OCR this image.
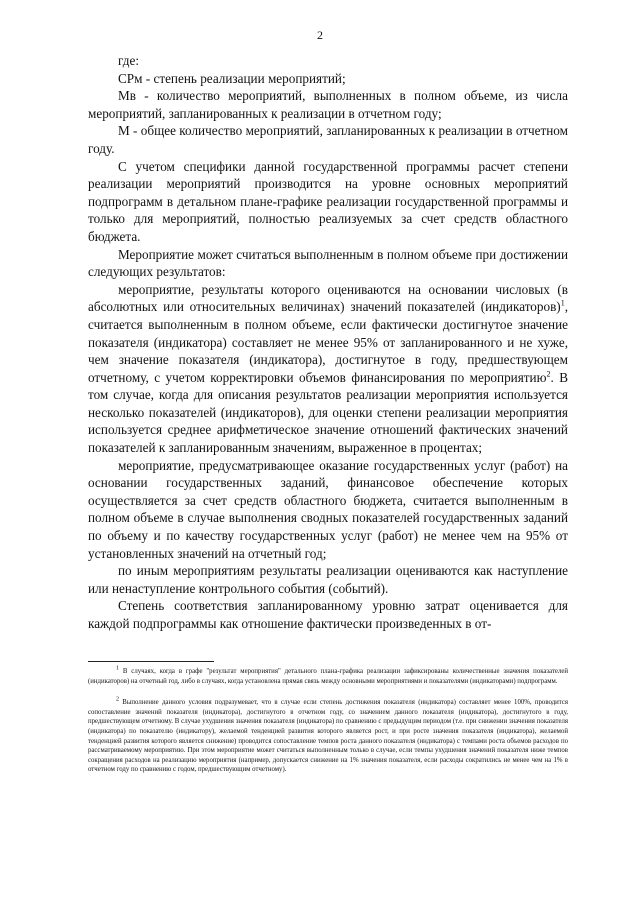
2

где:

СРм - степень реализации мероприятий;

Мв - количество мероприятий, выполненных в полном объеме, из числа мероприятий, запланированных к реализации в отчетном году;

М - общее количество мероприятий, запланированных к реализации в отчетном году.

С учетом специфики данной государственной программы расчет степени реализации мероприятий производится на уровне основных мероприятий подпрограмм в детальном плане-графике реализации государственной программы и только для мероприятий, полностью реализуемых за счет средств областного бюджета.

Мероприятие может считаться выполненным в полном объеме при достижении следующих результатов:

мероприятие, результаты которого оцениваются на основании числовых (в абсолютных или относительных величинах) значений показателей (индикаторов)$^1$, считается выполненным в полном объеме, если фактически достигнутое значение показателя (индикатора) составляет не менее 95% от запланированного и не хуже, чем значение показателя (индикатора), достигнутое в году, предшествующем отчетному, с учетом корректировки объемов финансирования по мероприятию$^2$. В том случае, когда для описания результатов реализации мероприятия используется несколько показателей (индикаторов), для оценки степени реализации мероприятия используется среднее арифметическое значение отношений фактических значений показателей к запланированным значениям, выраженное в процентах;

мероприятие, предусматривающее оказание государственных услуг (работ) на основании государственных заданий, финансовое обеспечение которых осуществляется за счет средств областного бюджета, считается выполненным в полном объеме в случае выполнения сводных показателей государственных заданий по объему и по качеству государственных услуг (работ) не менее чем на 95% от установленных значений на отчетный год;

по иным мероприятиям результаты реализации оцениваются как наступление или ненаступление контрольного события (событий).

Степень соответствия запланированному уровню затрат оценивается для каждой подпрограммы как отношение фактически произведенных в от-

$^1$ В случаях, когда в графе "результат мероприятия" детального плана-графика реализации зафиксированы количественные значения показателей (индикаторов) на отчетный год, либо в случаях, когда установлена прямая связь между основными мероприятиями и показателями (индикаторами) подпрограмм.

$^2$ Выполнение данного условия подразумевает, что в случае если степень достижения показателя (индикатора) составляет менее 100%, проводится сопоставление значений показателя (индикатора), достигнутого в отчетном году, со значением данного показателя (индикатора), достигнутого в году, предшествующем отчетному. В случае ухудшения значения показателя (индикатора) по сравнению с предыдущим периодом (т.е. при снижении значения показателя (индикатора) по показателю (индикатору), желаемой тенденцией развития которого является рост, и при росте значения показателя (индикатора), желаемой тенденцией развития которого является снижение) проводится сопоставление темпов роста данного показателя (индикатора) с темпами роста объемов расходов по рассматриваемому мероприятию. При этом мероприятие может считаться выполненным только в случае, если темпы ухудшения значений показателя ниже темпов сокращения расходов на реализацию мероприятия (например, допускается снижение на 1% значения показателя, если расходы сократились не менее чем на 1% в отчетном году по сравнению с годом, предшествующим отчетному).
